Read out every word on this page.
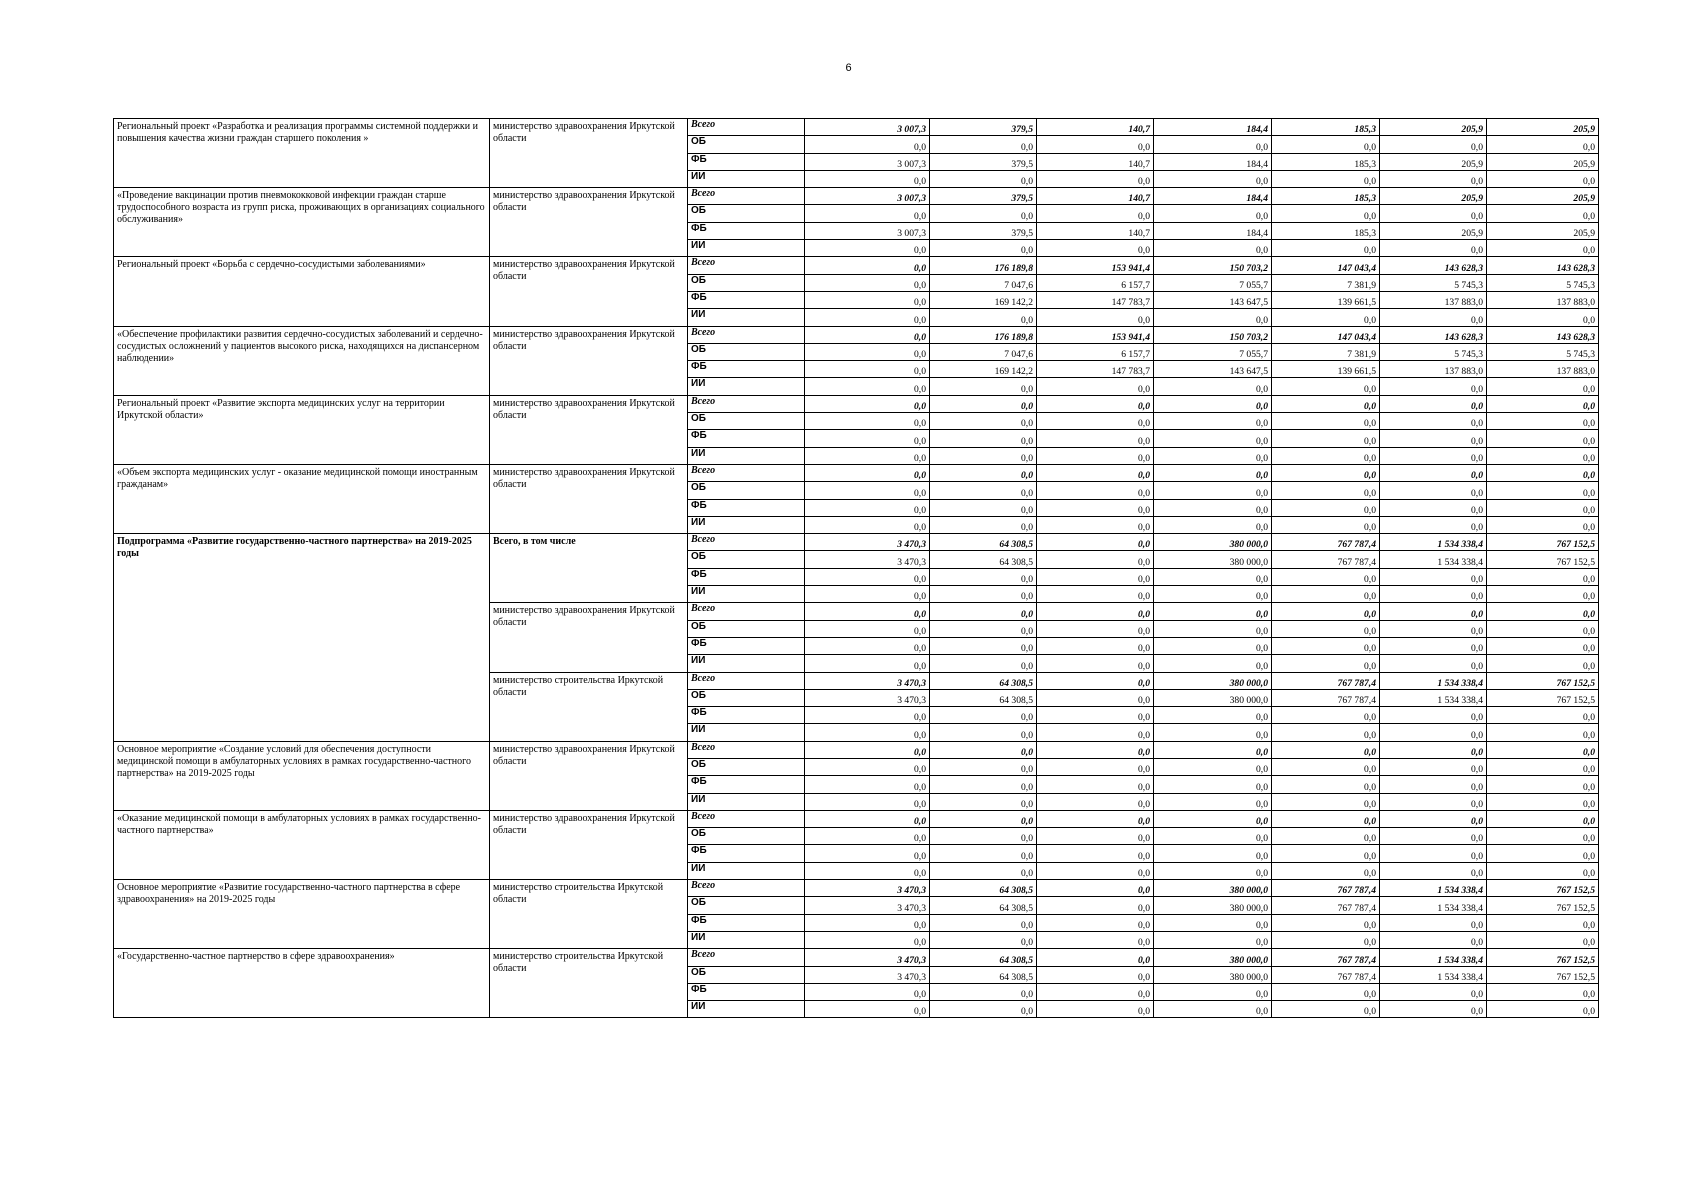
6
Региональный проект «Разработка и реализация программы системной поддержки и повышения качества жизни граждан старшего поколения »	министерство здравоохранения Иркутской области	Всего	3 007,3	379,5	140,7	184,4	185,3	205,9	205,9
		ОБ	0,0	0,0	0,0	0,0	0,0	0,0	0,0
		ФБ	3 007,3	379,5	140,7	184,4	185,3	205,9	205,9
		ИИ	0,0	0,0	0,0	0,0	0,0	0,0	0,0
«Проведение вакцинации против пневмококковой инфекции граждан старше трудоспособного возраста из групп риска, проживающих в организациях социального обслуживания»	министерство здравоохранения Иркутской области	Всего	3 007,3	379,5	140,7	184,4	185,3	205,9	205,9
		ОБ	0,0	0,0	0,0	0,0	0,0	0,0	0,0
		ФБ	3 007,3	379,5	140,7	184,4	185,3	205,9	205,9
		ИИ	0,0	0,0	0,0	0,0	0,0	0,0	0,0
Региональный проект «Борьба с сердечно-сосудистыми заболеваниями»	министерство здравоохранения Иркутской области	Всего	0,0	176 189,8	153 941,4	150 703,2	147 043,4	143 628,3	143 628,3
		ОБ	0,0	7 047,6	6 157,7	7 055,7	7 381,9	5 745,3	5 745,3
		ФБ	0,0	169 142,2	147 783,7	143 647,5	139 661,5	137 883,0	137 883,0
		ИИ	0,0	0,0	0,0	0,0	0,0	0,0	0,0
«Обеспечение профилактики развития сердечно-сосудистых заболеваний и сердечно-сосудистых осложнений у пациентов высокого риска, находящихся на диспансерном наблюдении»	министерство здравоохранения Иркутской области	Всего	0,0	176 189,8	153 941,4	150 703,2	147 043,4	143 628,3	143 628,3
		ОБ	0,0	7 047,6	6 157,7	7 055,7	7 381,9	5 745,3	5 745,3
		ФБ	0,0	169 142,2	147 783,7	143 647,5	139 661,5	137 883,0	137 883,0
		ИИ	0,0	0,0	0,0	0,0	0,0	0,0	0,0
Региональный проект «Развитие экспорта медицинских услуг на территории Иркутской области»	министерство здравоохранения Иркутской области	Всего	0,0	0,0	0,0	0,0	0,0	0,0	0,0
		ОБ	0,0	0,0	0,0	0,0	0,0	0,0	0,0
		ФБ	0,0	0,0	0,0	0,0	0,0	0,0	0,0
		ИИ	0,0	0,0	0,0	0,0	0,0	0,0	0,0
«Объем экспорта медицинских услуг - оказание медицинской помощи иностранным гражданам»	министерство здравоохранения Иркутской области	Всего	0,0	0,0	0,0	0,0	0,0	0,0	0,0
		ОБ	0,0	0,0	0,0	0,0	0,0	0,0	0,0
		ФБ	0,0	0,0	0,0	0,0	0,0	0,0	0,0
		ИИ	0,0	0,0	0,0	0,0	0,0	0,0	0,0
Подпрограмма «Развитие государственно-частного партнерства» на 2019-2025 годы	Всего, в том числе	Всего	3 470,3	64 308,5	0,0	380 000,0	767 787,4	1 534 338,4	767 152,5
		ОБ	3 470,3	64 308,5	0,0	380 000,0	767 787,4	1 534 338,4	767 152,5
		ФБ	0,0	0,0	0,0	0,0	0,0	0,0	0,0
		ИИ	0,0	0,0	0,0	0,0	0,0	0,0	0,0
	министерство здравоохранения Иркутской области	Всего	0,0	0,0	0,0	0,0	0,0	0,0	0,0
		ОБ	0,0	0,0	0,0	0,0	0,0	0,0	0,0
		ФБ	0,0	0,0	0,0	0,0	0,0	0,0	0,0
		ИИ	0,0	0,0	0,0	0,0	0,0	0,0	0,0
	министерство строительства Иркутской области	Всего	3 470,3	64 308,5	0,0	380 000,0	767 787,4	1 534 338,4	767 152,5
		ОБ	3 470,3	64 308,5	0,0	380 000,0	767 787,4	1 534 338,4	767 152,5
		ФБ	0,0	0,0	0,0	0,0	0,0	0,0	0,0
		ИИ	0,0	0,0	0,0	0,0	0,0	0,0	0,0
Основное мероприятие «Создание условий для обеспечения доступности медицинской помощи в амбулаторных условиях в рамках государственно-частного партнерства» на 2019-2025 годы	министерство здравоохранения Иркутской области	Всего	0,0	0,0	0,0	0,0	0,0	0,0	0,0
		ОБ	0,0	0,0	0,0	0,0	0,0	0,0	0,0
		ФБ	0,0	0,0	0,0	0,0	0,0	0,0	0,0
		ИИ	0,0	0,0	0,0	0,0	0,0	0,0	0,0
«Оказание медицинской помощи в амбулаторных условиях в рамках государственно-частного партнерства»	министерство здравоохранения Иркутской области	Всего	0,0	0,0	0,0	0,0	0,0	0,0	0,0
		ОБ	0,0	0,0	0,0	0,0	0,0	0,0	0,0
		ФБ	0,0	0,0	0,0	0,0	0,0	0,0	0,0
		ИИ	0,0	0,0	0,0	0,0	0,0	0,0	0,0
Основное мероприятие «Развитие государственно-частного партнерства в сфере здравоохранения» на 2019-2025 годы	министерство строительства Иркутской области	Всего	3 470,3	64 308,5	0,0	380 000,0	767 787,4	1 534 338,4	767 152,5
		ОБ	3 470,3	64 308,5	0,0	380 000,0	767 787,4	1 534 338,4	767 152,5
		ФБ	0,0	0,0	0,0	0,0	0,0	0,0	0,0
		ИИ	0,0	0,0	0,0	0,0	0,0	0,0	0,0
«Государственно-частное партнерство в сфере здравоохранения»	министерство строительства Иркутской области	Всего	3 470,3	64 308,5	0,0	380 000,0	767 787,4	1 534 338,4	767 152,5
		ОБ	3 470,3	64 308,5	0,0	380 000,0	767 787,4	1 534 338,4	767 152,5
		ФБ	0,0	0,0	0,0	0,0	0,0	0,0	0,0
		ИИ	0,0	0,0	0,0	0,0	0,0	0,0	0,0
